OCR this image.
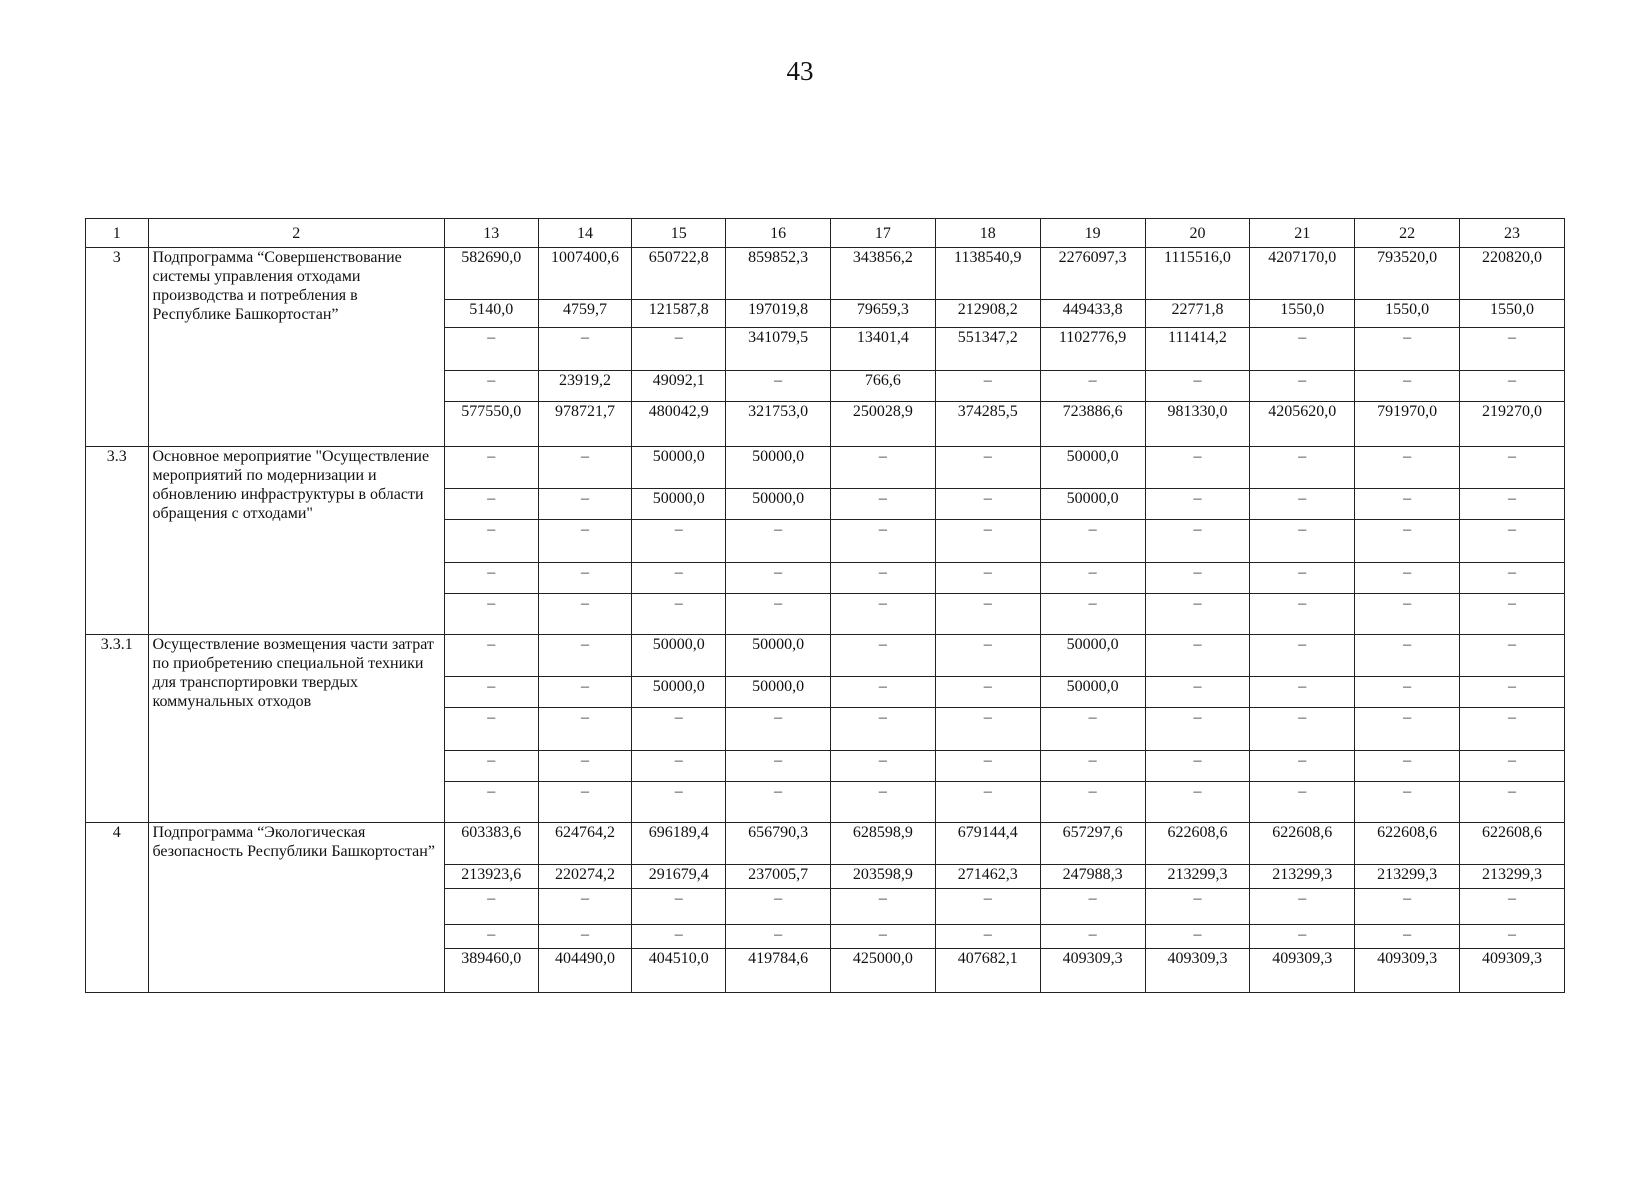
43
1	2	13	14	15	16	17	18	19	20	21	22	23
3	Подпрограмма “Совершенствование системы управления отходами производства и потребления в Республике Башкортостан”	582690,0	1007400,6	650722,8	859852,3	343856,2	1138540,9	2276097,3	1115516,0	4207170,0	793520,0	220820,0
		5140,0	4759,7	121587,8	197019,8	79659,3	212908,2	449433,8	22771,8	1550,0	1550,0	1550,0
		–	–	–	341079,5	13401,4	551347,2	1102776,9	111414,2	–	–	–
		–	23919,2	49092,1	–	766,6	–	–	–	–	–	–
		577550,0	978721,7	480042,9	321753,0	250028,9	374285,5	723886,6	981330,0	4205620,0	791970,0	219270,0
3.3	Основное мероприятие "Осуществление мероприятий по модернизации и обновлению инфраструктуры в области обращения с отходами"	–	–	50000,0	50000,0	–	–	50000,0	–	–	–	–
		–	–	50000,0	50000,0	–	–	50000,0	–	–	–	–
		–	–	–	–	–	–	–	–	–	–	–
		–	–	–	–	–	–	–	–	–	–	–
		–	–	–	–	–	–	–	–	–	–	–
3.3.1	Осуществление возмещения части затрат по приобретению специальной техники для транспортировки твердых коммунальных отходов	–	–	50000,0	50000,0	–	–	50000,0	–	–	–	–
		–	–	50000,0	50000,0	–	–	50000,0	–	–	–	–
		–	–	–	–	–	–	–	–	–	–	–
		–	–	–	–	–	–	–	–	–	–	–
		–	–	–	–	–	–	–	–	–	–	–
4	Подпрограмма “Экологическая безопасность Республики Башкортостан”	603383,6	624764,2	696189,4	656790,3	628598,9	679144,4	657297,6	622608,6	622608,6	622608,6	622608,6
		213923,6	220274,2	291679,4	237005,7	203598,9	271462,3	247988,3	213299,3	213299,3	213299,3	213299,3
		–	–	–	–	–	–	–	–	–	–	–
		–	–	–	–	–	–	–	–	–	–	–
		389460,0	404490,0	404510,0	419784,6	425000,0	407682,1	409309,3	409309,3	409309,3	409309,3	409309,3
